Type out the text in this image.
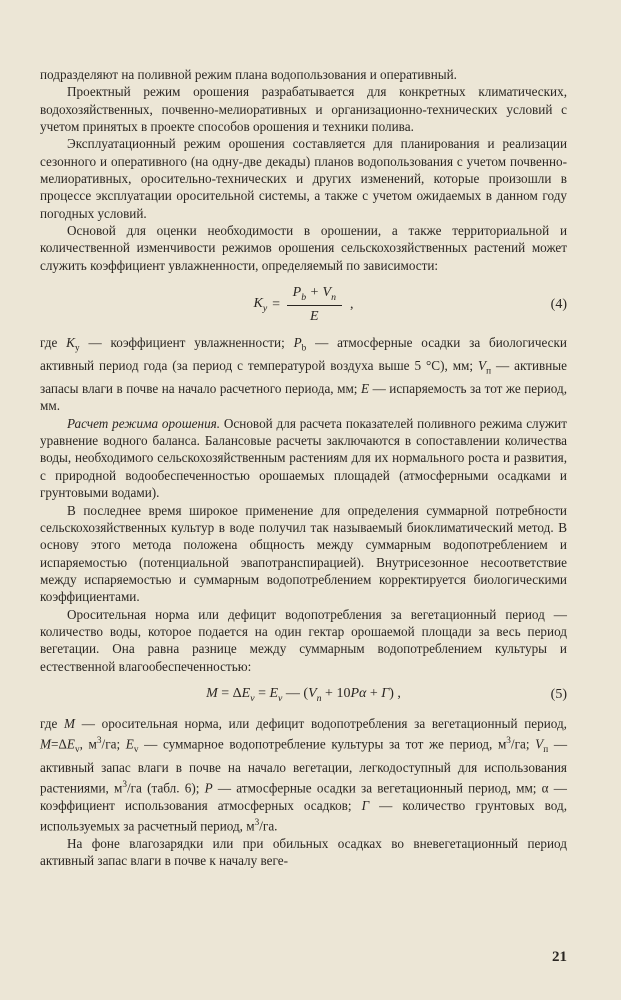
подразделяют на поливной режим плана водопользования и оперативный.

Проектный режим орошения разрабатывается для конкретных климатических, водохозяйственных, почвенно-мелиоративных и организационно-технических условий с учетом принятых в проекте способов орошения и техники полива.

Эксплуатационный режим орошения составляется для планирования и реализации сезонного и оперативного (на одну-две декады) планов водопользования с учетом почвенно-мелиоративных, оросительно-технических и других изменений, которые произошли в процессе эксплуатации оросительной системы, а также с учетом ожидаемых в данном году погодных условий.

Основой для оценки необходимости в орошении, а также территориальной и количественной изменчивости режимов орошения сельскохозяйственных растений может служить коэффициент увлажненности, определяемый по зависимости:

$K_у = \frac{P_b + V_п}{E}$ ,	(4)

где $K_у$ — коэффициент увлажненности; $P_b$ — атмосферные осадки за биологически активный период года (за период с температурой воздуха выше 5 °С), мм; $V_п$ — активные запасы влаги в почве на начало расчетного периода, мм; E — испаряемость за тот же период, мм.

Расчет режима орошения. Основой для расчета показателей поливного режима служит уравнение водного баланса. Балансовые расчеты заключаются в сопоставлении количества воды, необходимого сельскохозяйственным растениям для их нормального роста и развития, с природной водообеспеченностью орошаемых площадей (атмосферными осадками и грунтовыми водами).

В последнее время широкое применение для определения суммарной потребности сельскохозяйственных культур в воде получил так называемый биоклиматический метод. В основу этого метода положена общность между суммарным водопотреблением и испаряемостью (потенциальной эвапотранспирацией). Внутрисезонное несоответствие между испаряемостью и суммарным водопотреблением корректируется биологическими коэффициентами.

Оросительная норма или дефицит водопотребления за вегетационный период — количество воды, которое подается на один гектар орошаемой площади за весь период вегетации. Она равна разнице между суммарным водопотреблением культуры и естественной влагообеспеченностью:

$M = \Delta E_v = E_v$ — $(V_п + 10P\alpha + Г)$ ,	(5)

где M — оросительная норма, или дефицит водопотребления за вегетационный период, $M=\Delta E_v$, $м^3/га$; $E_v$ — суммарное водопотребление культуры за тот же период, $м^3/га$; $V_п$ — активный запас влаги в почве на начало вегетации, легкодоступный для использования растениями, $м^3/га$ (табл. 6); P — атмосферные осадки за вегетационный период, мм; α — коэффициент использования атмосферных осадков; Г — количество грунтовых вод, используемых за расчетный период, $м^3/га$.

На фоне влагозарядки или при обильных осадках во вневегетационный период активный запас влаги в почве к началу веге-

21
